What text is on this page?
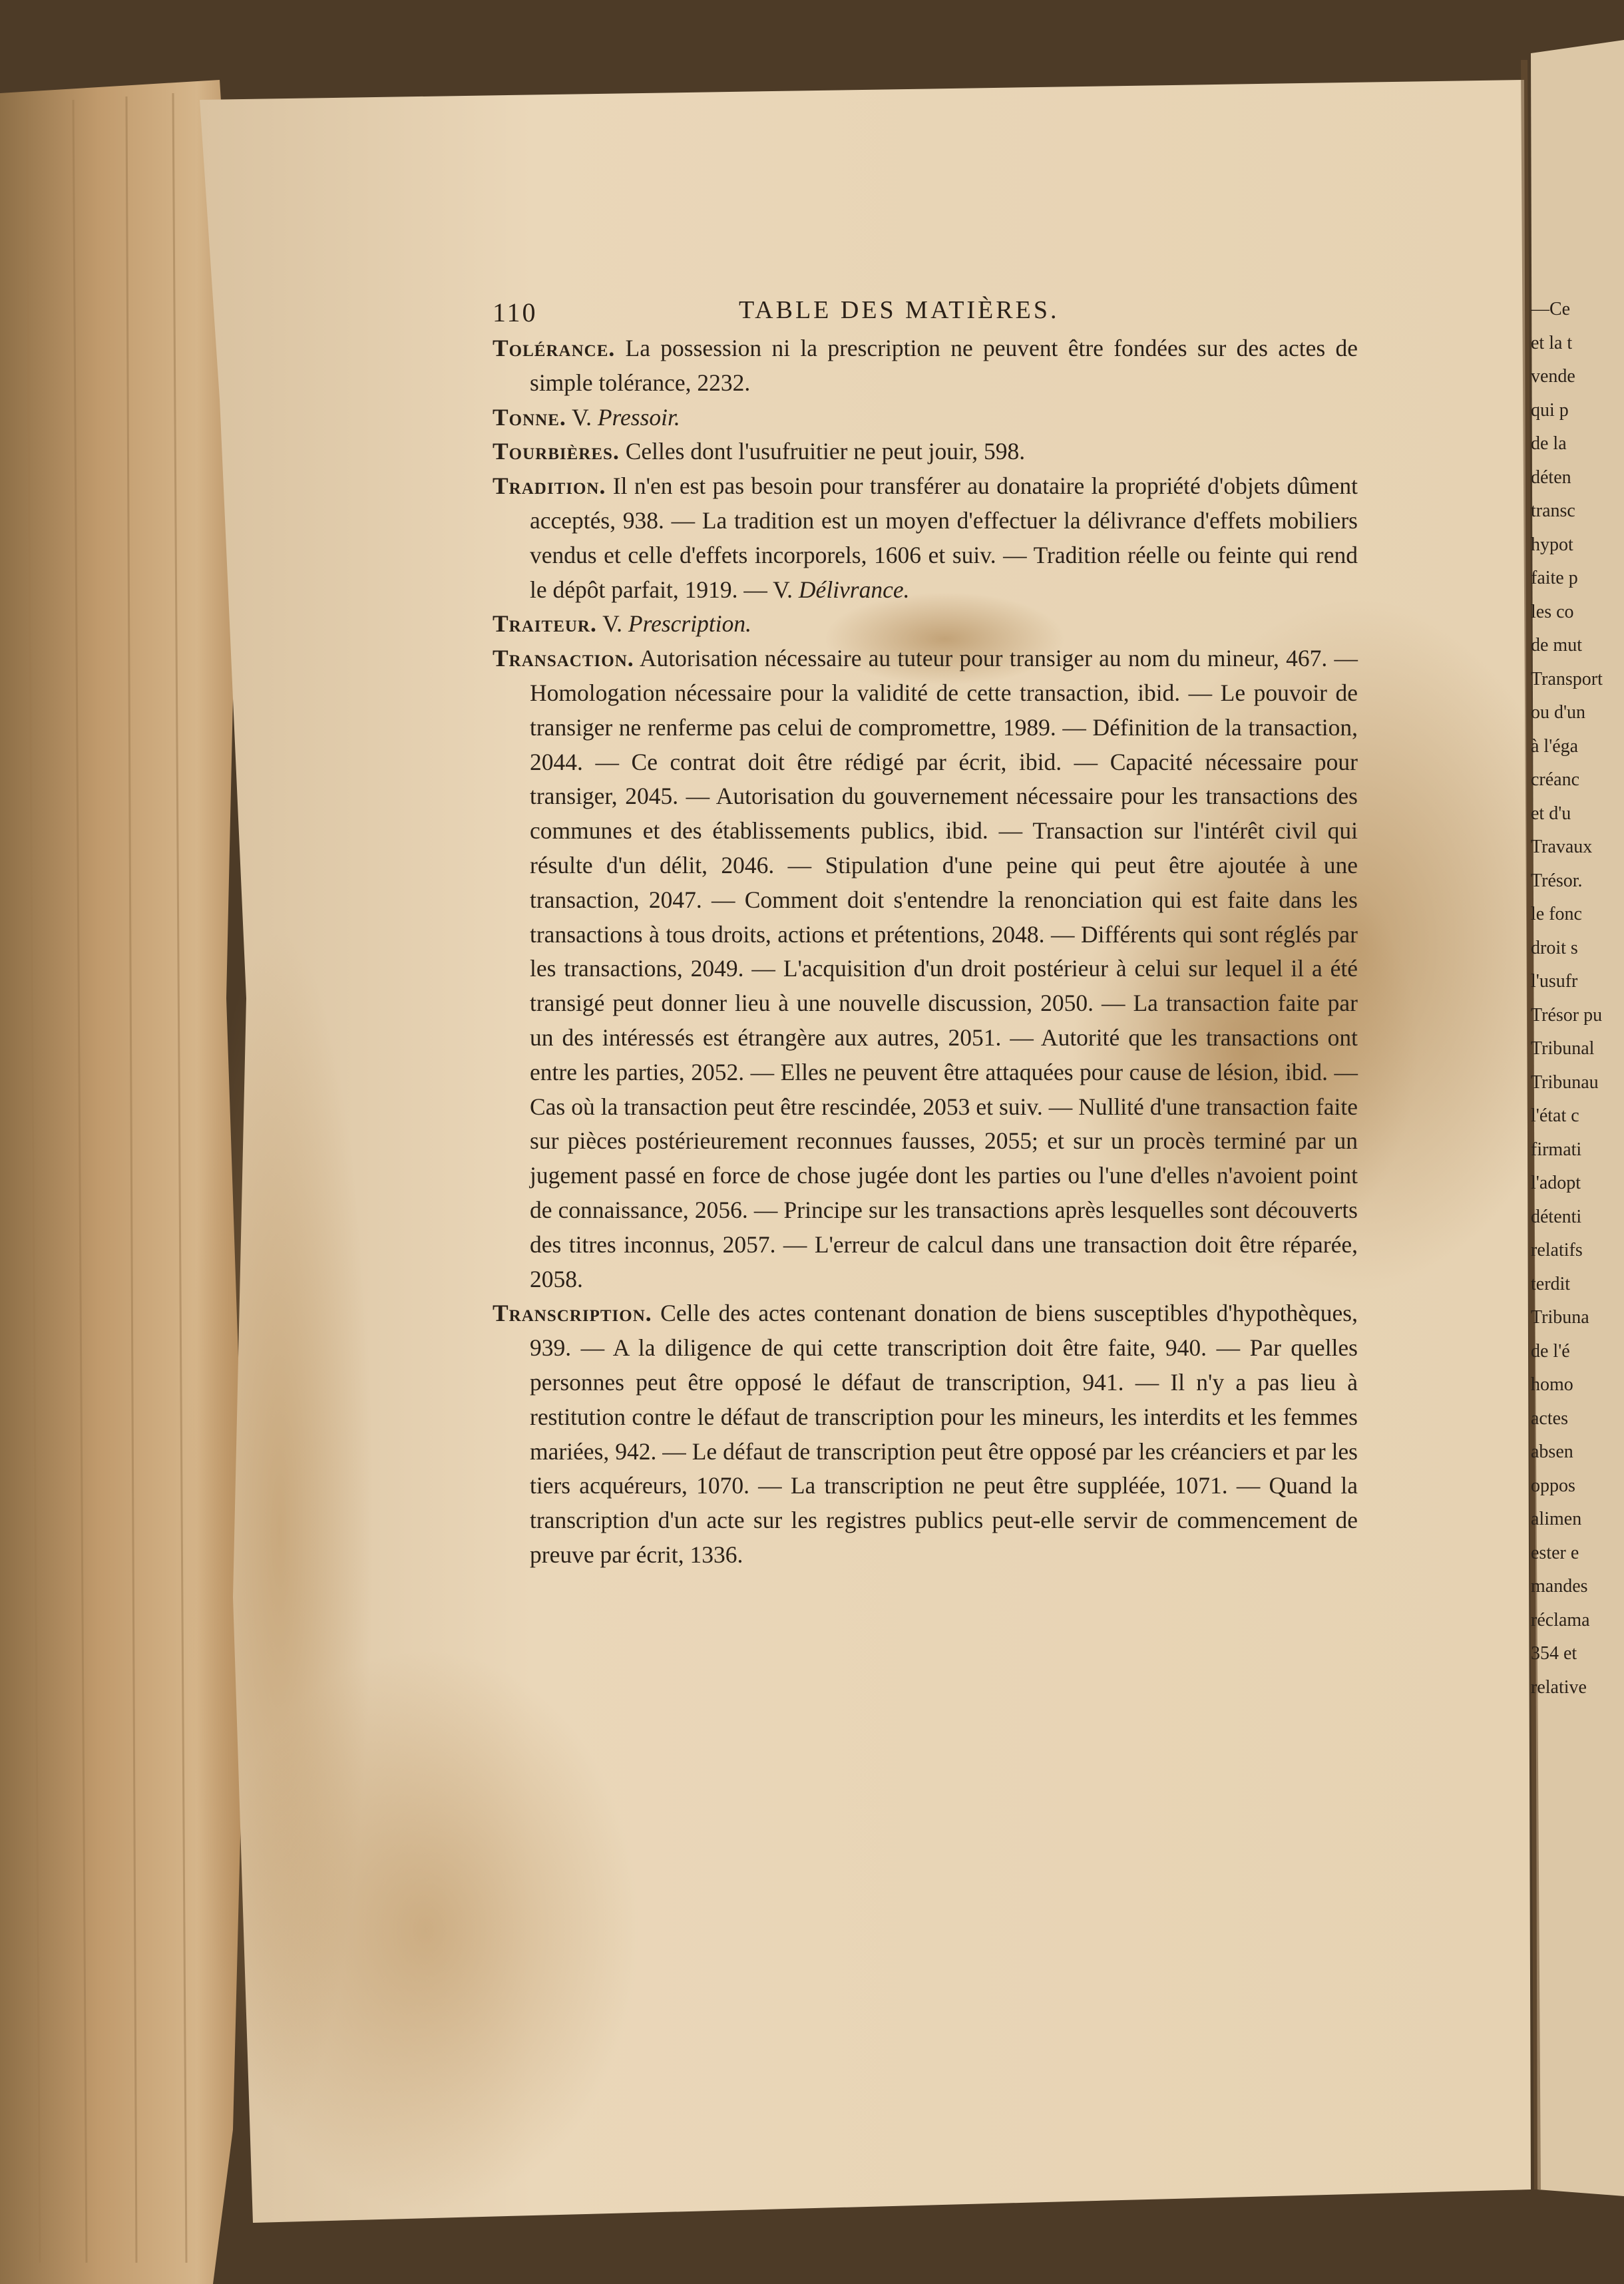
110	TABLE DES MATIÈRES.

Tolérance. La possession ni la prescription ne peuvent être fondées sur des actes de simple tolérance, 2232.

Tonne. V. Pressoir.

Tourbières. Celles dont l'usufruitier ne peut jouir, 598.

Tradition. Il n'en est pas besoin pour transférer au donataire la propriété d'objets dûment acceptés, 938. — La tradition est un moyen d'effectuer la délivrance d'effets mobiliers vendus et celle d'effets incorporels, 1606 et suiv. — Tradition réelle ou feinte qui rend le dépôt parfait, 1919. — V. Délivrance.

Traiteur. V. Prescription.

Transaction. Autorisation nécessaire au tuteur pour transiger au nom du mineur, 467. — Homologation nécessaire pour la validité de cette transaction, ibid. — Le pouvoir de transiger ne renferme pas celui de compromettre, 1989. — Définition de la transaction, 2044. — Ce contrat doit être rédigé par écrit, ibid. — Capacité nécessaire pour transiger, 2045. — Autorisation du gouvernement nécessaire pour les transactions des communes et des établissements publics, ibid. — Transaction sur l'intérêt civil qui résulte d'un délit, 2046. — Stipulation d'une peine qui peut être ajoutée à une transaction, 2047. — Comment doit s'entendre la renonciation qui est faite dans les transactions à tous droits, actions et prétentions, 2048. — Différents qui sont réglés par les transactions, 2049. — L'acquisition d'un droit postérieur à celui sur lequel il a été transigé peut donner lieu à une nouvelle discussion, 2050. — La transaction faite par un des intéressés est étrangère aux autres, 2051. — Autorité que les transactions ont entre les parties, 2052. — Elles ne peuvent être attaquées pour cause de lésion, ibid. — Cas où la transaction peut être rescindée, 2053 et suiv. — Nullité d'une transaction faite sur pièces postérieurement reconnues fausses, 2055; et sur un procès terminé par un jugement passé en force de chose jugée dont les parties ou l'une d'elles n'avoient point de connaissance, 2056. — Principe sur les transactions après lesquelles sont découverts des titres inconnus, 2057. — L'erreur de calcul dans une transaction doit être réparée, 2058.

Transcription. Celle des actes contenant donation de biens susceptibles d'hypothèques, 939. — A la diligence de qui cette transcription doit être faite, 940. — Par quelles personnes peut être opposé le défaut de transcription, 941. — Il n'y a pas lieu à restitution contre le défaut de transcription pour les mineurs, les interdits et les femmes mariées, 942. — Le défaut de transcription peut être opposé par les créanciers et par les tiers acquéreurs, 1070. — La transcription ne peut être suppléée, 1071. — Quand la transcription d'un acte sur les registres publics peut-elle servir de commencement de preuve par écrit, 1336.

—Ce
et la t
vende
qui p
de la
déten
transc
hypot
faite p
les co
de mut
Transport
ou d'un
à l'éga
créanc
et d'u
Travaux
Trésor.
le fonc
droit s
l'usufr
Trésor pu
Tribunal
Tribunau
l'état c
firmati
l'adopt
détenti
relatifs
terdit
Tribuna
de l'é
homo
actes
absen
oppos
alimen
ester e
mandes
réclama
354 et
relative
